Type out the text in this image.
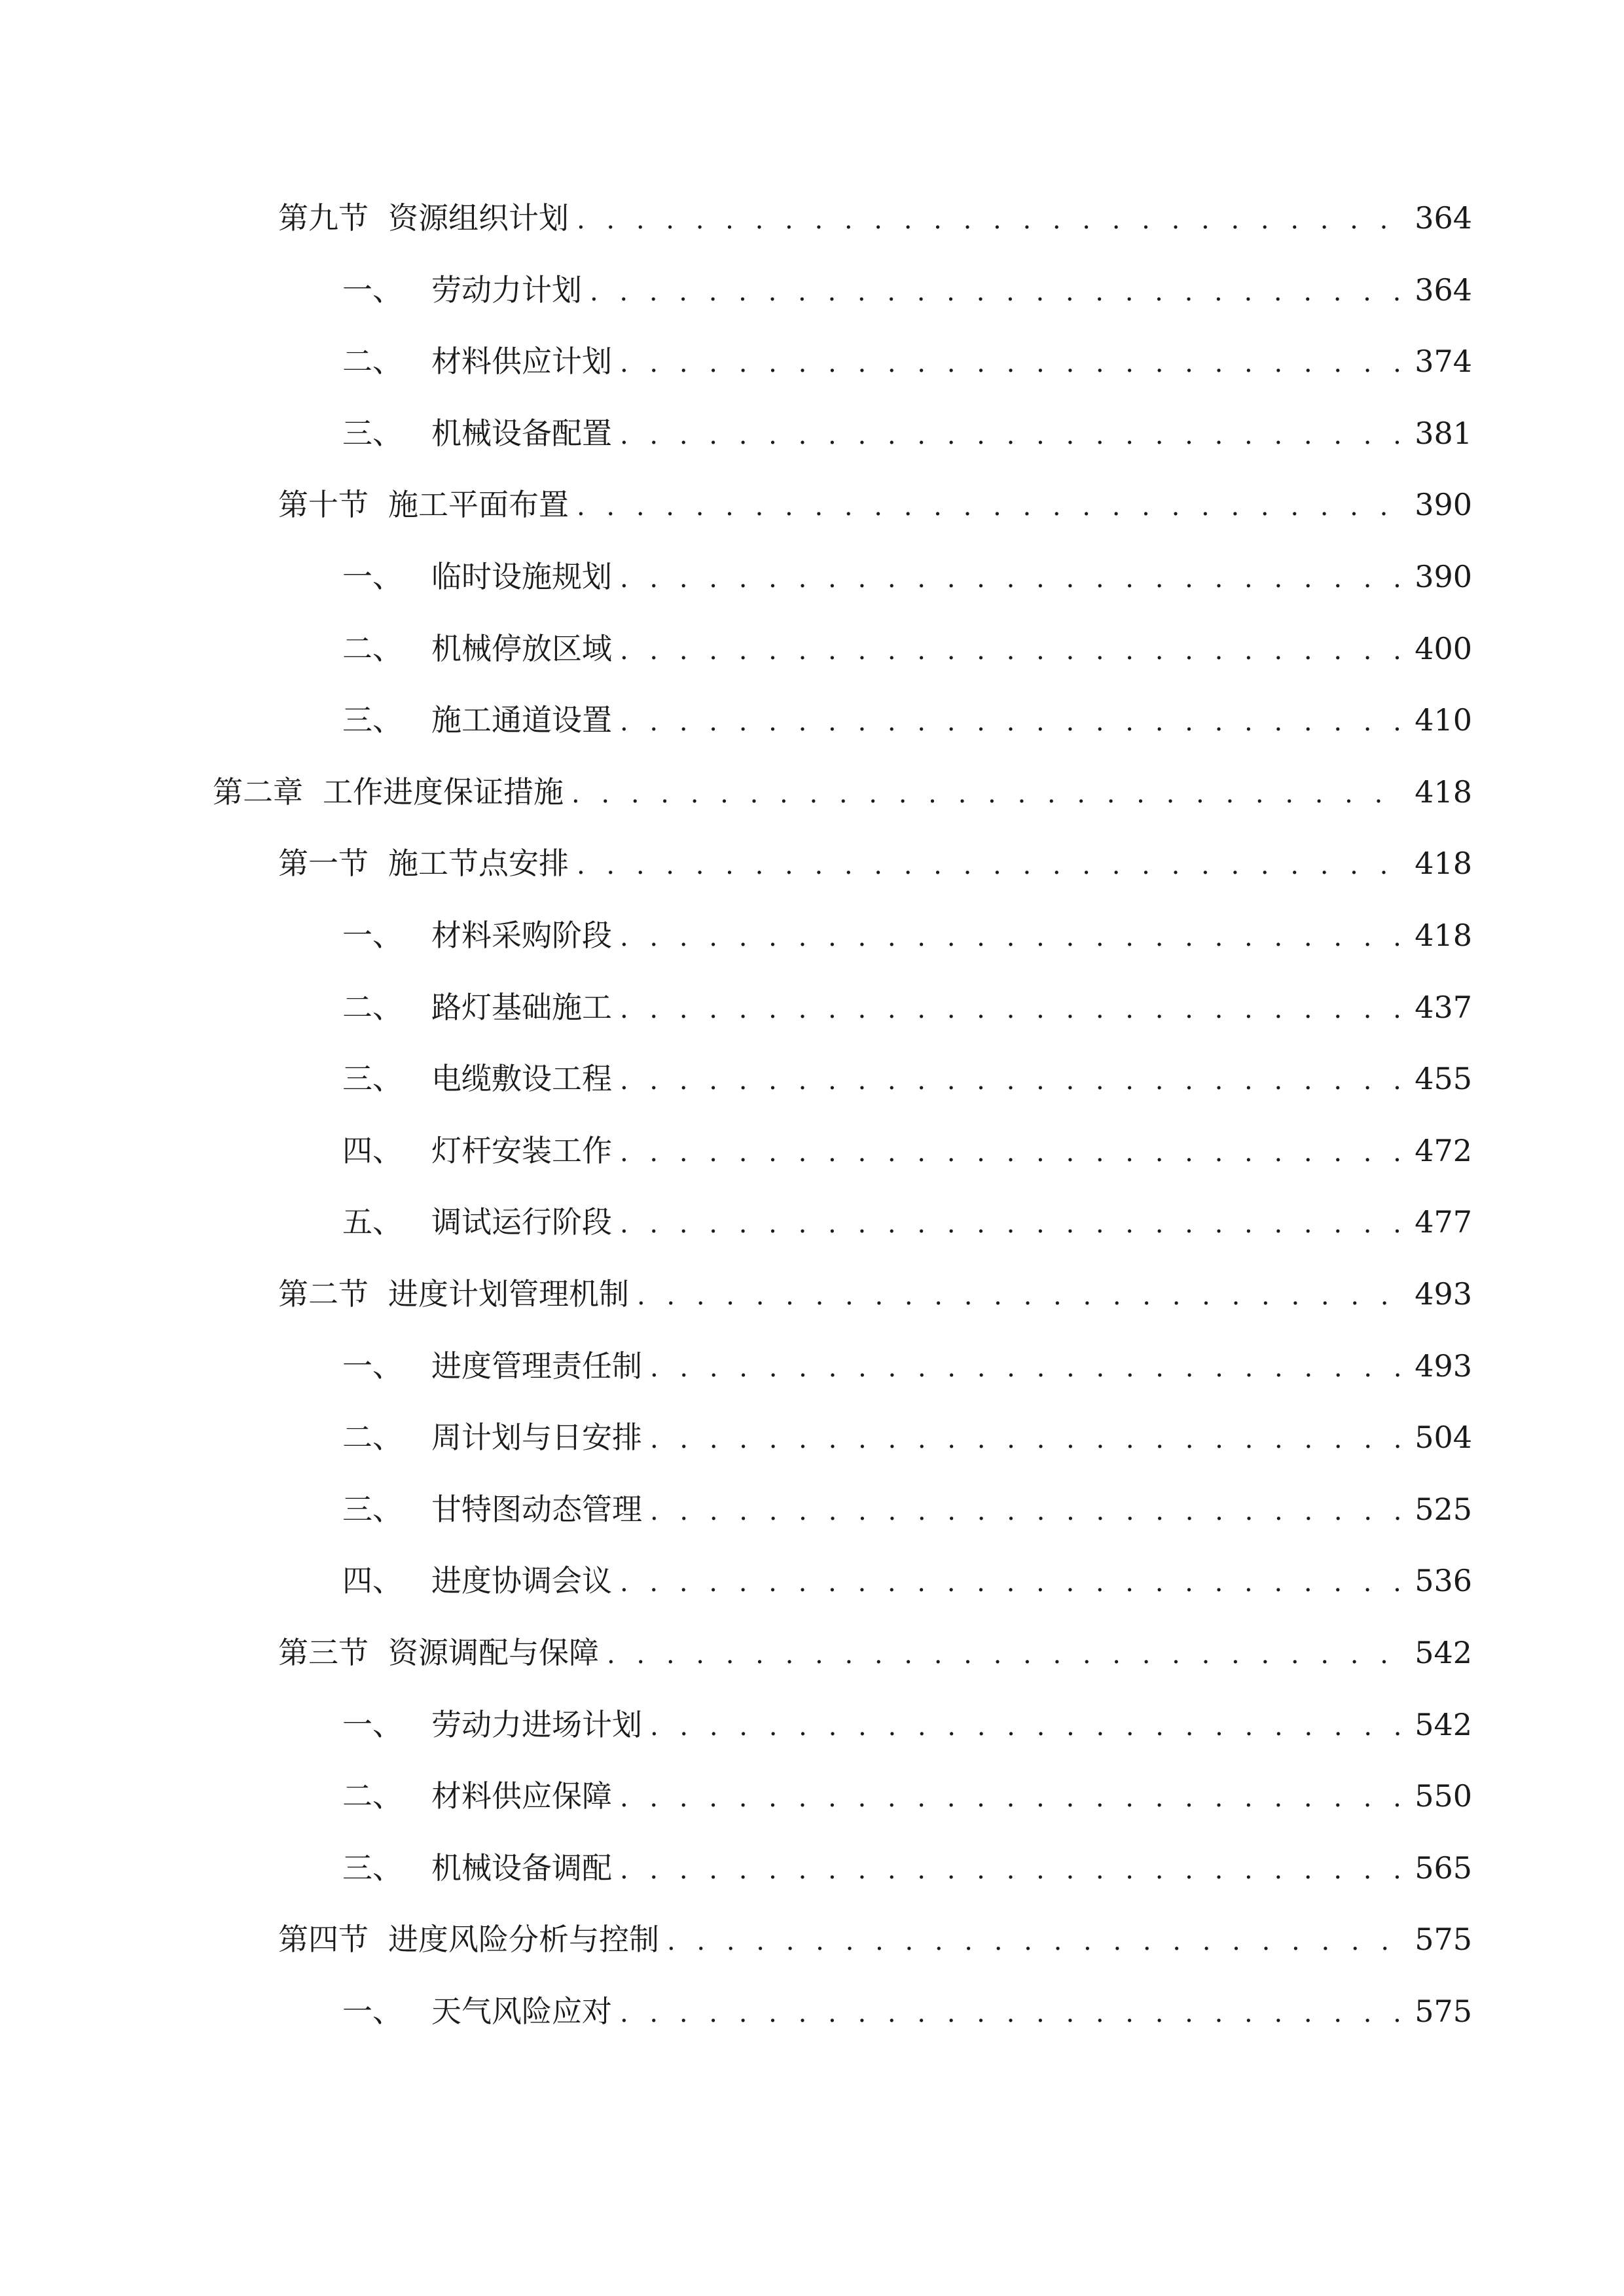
第九节 资源组织计划 . . .	364
一、 劳动力计划 . . .	364
二、 材料供应计划 . . .	374
三、 机械设备配置 . . .	381
第十节 施工平面布置 . . .	390
一、 临时设施规划 . . .	390
二、 机械停放区域 . . .	400
三、 施工通道设置 . . .	410
第二章 工作进度保证措施 . . .	418
第一节 施工节点安排 . . .	418
一、 材料采购阶段 . . .	418
二、 路灯基础施工 . . .	437
三、 电缆敷设工程 . . .	455
四、 灯杆安装工作 . . .	472
五、 调试运行阶段 . . .	477
第二节 进度计划管理机制 . . .	493
一、 进度管理责任制 . . .	493
二、 周计划与日安排 . . .	504
三、 甘特图动态管理 . . .	525
四、 进度协调会议 . . .	536
第三节 资源调配与保障 . . .	542
一、 劳动力进场计划 . . .	542
二、 材料供应保障 . . .	550
三、 机械设备调配 . . .	565
第四节 进度风险分析与控制 . . .	575
一、 天气风险应对 . . .	575
